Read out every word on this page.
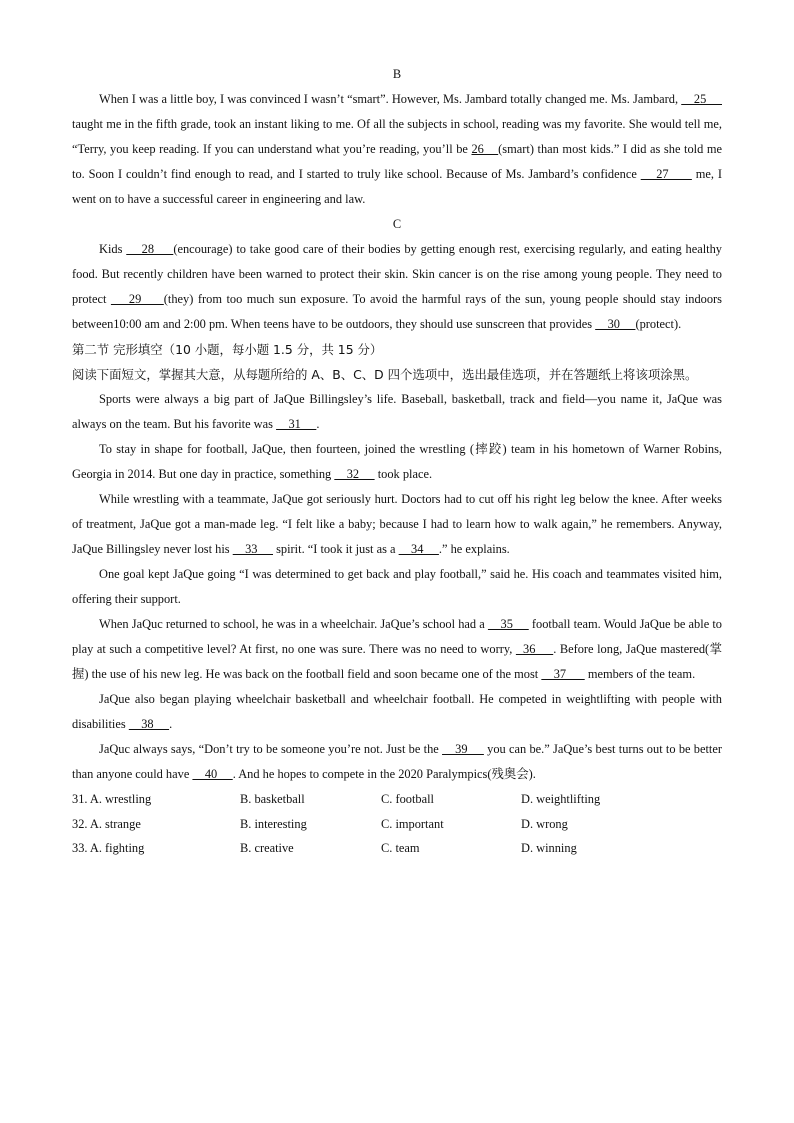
B
When I was a little boy, I was convinced I wasn’t “smart”. However, Ms. Jambard totally changed me. Ms. Jambard,     25      taught me in the fifth grade, took an instant liking to me. Of all the subjects in school, reading was my favorite. She would tell me, “Terry, you keep reading. If you can understand what you’re reading, you’ll be 26    (smart) than most kids.” I did as she told me to. Soon I couldn’t find enough to read, and I started to truly like school. Because of Ms. Jambard’s confidence     27       me, I went on to have a successful career in engineering and law.
C
Kids     28     (encourage) to take good care of their bodies by getting enough rest, exercising regularly, and eating healthy food. But recently children have been warned to protect their skin. Skin cancer is on the rise among young people. They need to protect     29     (they) from too much sun exposure. To avoid the harmful rays of the sun, young people should stay indoors between10:00 am and 2:00 pm. When teens have to be outdoors, they should use sunscreen that provides     30     (protect).
第二节 完形填空（10 小题，每小题 1.5 分，共 15 分）
阅读下面短文，掌握其大意，从每题所给的 A、B、C、D 四个选项中，选出最佳选项，并在答题纸上将该项涂黑。
Sports were always a big part of JaQue Billingsley’s life. Baseball, basketball, track and field—you name it, JaQue was always on the team. But his favorite was     31     .
To stay in shape for football, JaQue, then fourteen, joined the wrestling (摔跤) team in his hometown of Warner Robins, Georgia in 2014. But one day in practice, something     32      took place.
While wrestling with a teammate, JaQue got seriously hurt. Doctors had to cut off his right leg below the knee. After weeks of treatment, JaQue got a man-made leg. “I felt like a baby; because I had to learn how to walk again,” he remembers. Anyway, JaQue Billingsley never lost his     33      spirit. “I took it just as a     34     .” he explains.
One goal kept JaQue going “I was determined to get back and play football,” said he. His coach and teammates visited him, offering their support.
When JaQuc returned to school, he was in a wheelchair. JaQue’s school had a     35      football team. Would JaQue be able to play at such a competitive level? At first, no one was sure. There was no need to worry,   36     . Before long, JaQue mastered(掌握) the use of his new leg. He was back on the football field and soon became one of the most     37       members of the team.
JaQue also began playing wheelchair basketball and wheelchair football. He competed in weightlifting with people with disabilities     38     .
JaQuc always says, “Don’t try to be someone you’re not. Just be the     39      you can be.” JaQue’s best turns out to be better than anyone could have     40     . And he hopes to compete in the 2020 Paralympics(残奥会).
31. A. wrestling	B. basketball	C. football	D. weightlifting
32. A. strange	B. interesting	C. important	D. wrong
33. A. fighting	B. creative	C. team	D. winning
